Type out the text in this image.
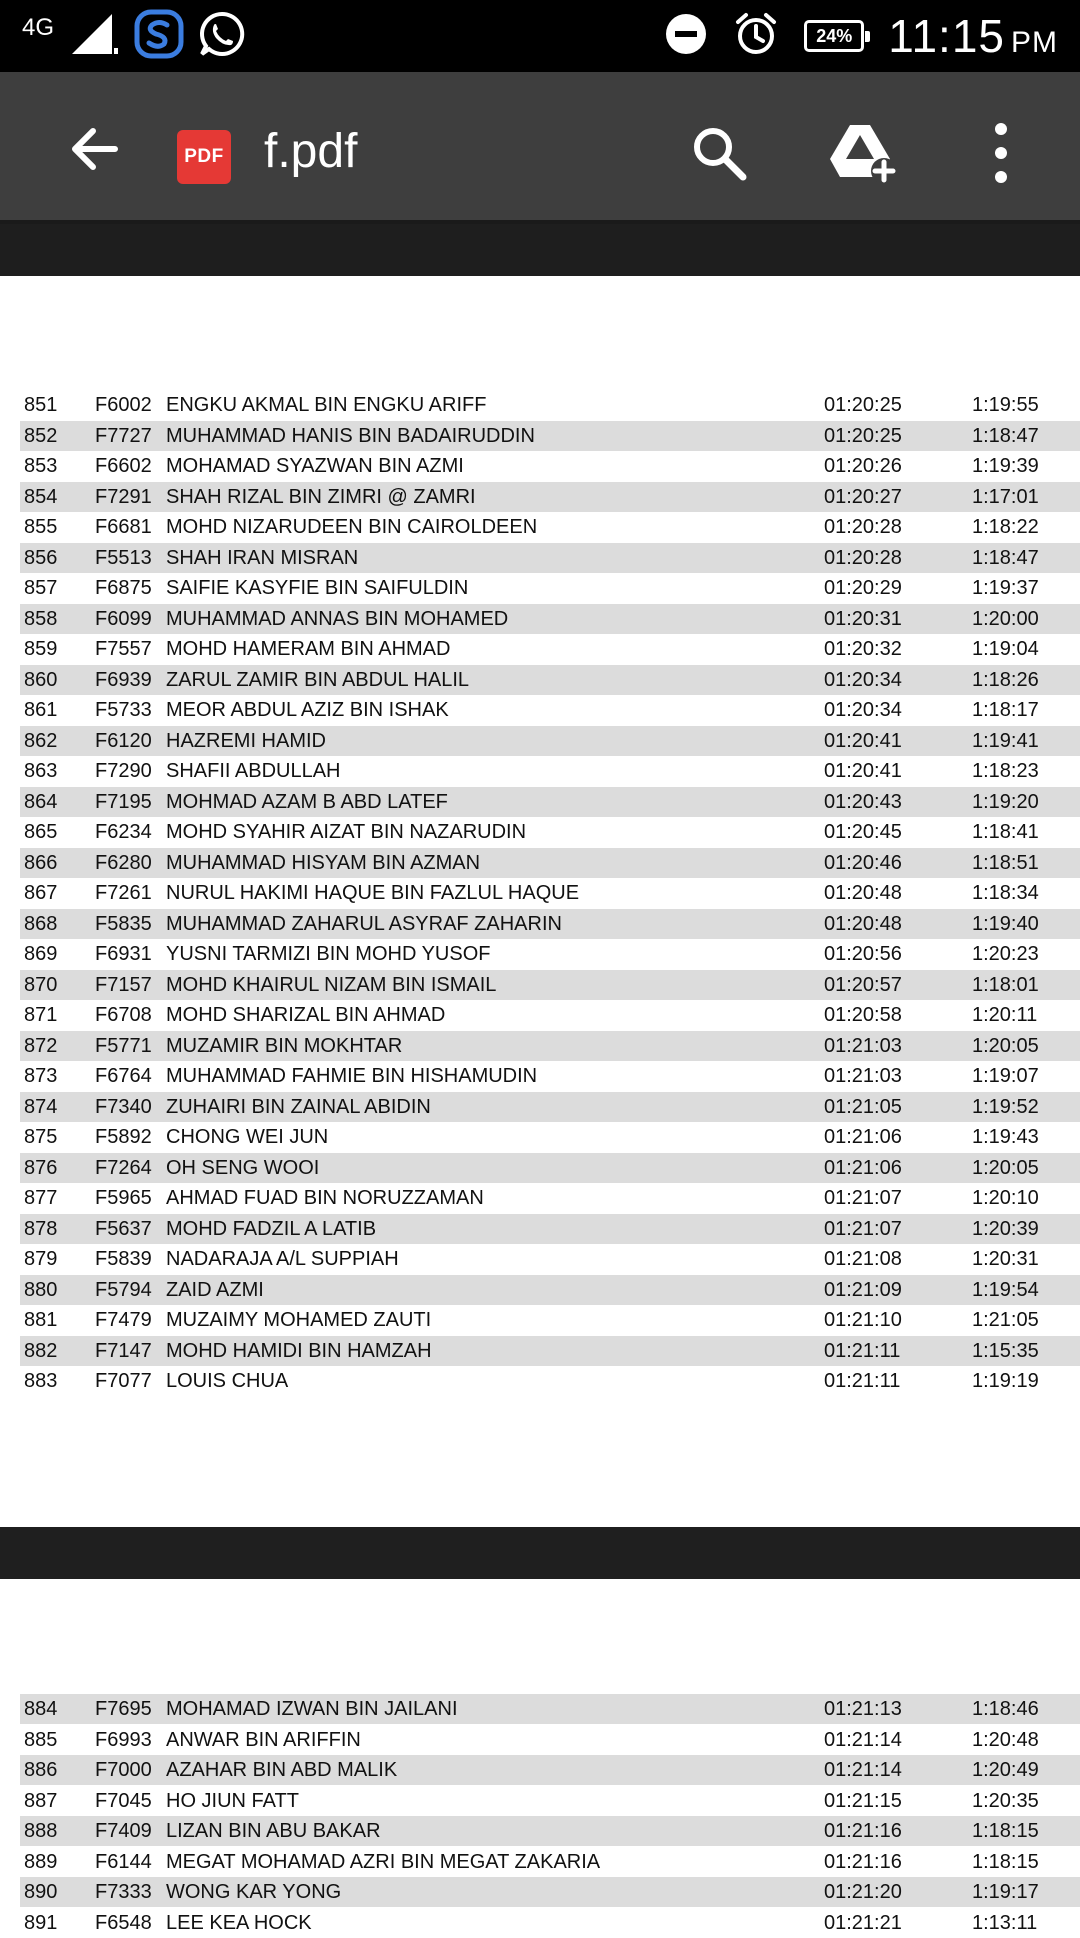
4G	24% 11:15 PM
PDF f.pdf
851 F6002 ENGKU AKMAL BIN ENGKU ARIFF	01:20:25	1:19:55
852 F7727 MUHAMMAD HANIS BIN BADAIRUDDIN	01:20:25	1:18:47
853 F6602 MOHAMAD SYAZWAN BIN AZMI	01:20:26	1:19:39
854 F7291 SHAH RIZAL BIN ZIMRI @ ZAMRI	01:20:27	1:17:01
855 F6681 MOHD NIZARUDEEN BIN CAIROLDEEN	01:20:28	1:18:22
856 F5513 SHAH IRAN MISRAN	01:20:28	1:18:47
857 F6875 SAIFIE KASYFIE BIN SAIFULDIN	01:20:29	1:19:37
858 F6099 MUHAMMAD ANNAS BIN MOHAMED	01:20:31	1:20:00
859 F7557 MOHD HAMERAM BIN AHMAD	01:20:32	1:19:04
860 F6939 ZARUL ZAMIR BIN ABDUL HALIL	01:20:34	1:18:26
861 F5733 MEOR ABDUL AZIZ BIN ISHAK	01:20:34	1:18:17
862 F6120 HAZREMI HAMID	01:20:41	1:19:41
863 F7290 SHAFII ABDULLAH	01:20:41	1:18:23
864 F7195 MOHMAD AZAM B ABD LATEF	01:20:43	1:19:20
865 F6234 MOHD SYAHIR AIZAT BIN NAZARUDIN	01:20:45	1:18:41
866 F6280 MUHAMMAD HISYAM BIN AZMAN	01:20:46	1:18:51
867 F7261 NURUL HAKIMI HAQUE BIN FAZLUL HAQUE	01:20:48	1:18:34
868 F5835 MUHAMMAD ZAHARUL ASYRAF ZAHARIN	01:20:48	1:19:40
869 F6931 YUSNI TARMIZI BIN MOHD YUSOF	01:20:56	1:20:23
870 F7157 MOHD KHAIRUL NIZAM BIN ISMAIL	01:20:57	1:18:01
871 F6708 MOHD SHARIZAL BIN AHMAD	01:20:58	1:20:11
872 F5771 MUZAMIR BIN MOKHTAR	01:21:03	1:20:05
873 F6764 MUHAMMAD FAHMIE BIN HISHAMUDIN	01:21:03	1:19:07
874 F7340 ZUHAIRI BIN ZAINAL ABIDIN	01:21:05	1:19:52
875 F5892 CHONG WEI JUN	01:21:06	1:19:43
876 F7264 OH SENG WOOI	01:21:06	1:20:05
877 F5965 AHMAD FUAD BIN NORUZZAMAN	01:21:07	1:20:10
878 F5637 MOHD FADZIL A LATIB	01:21:07	1:20:39
879 F5839 NADARAJA A/L SUPPIAH	01:21:08	1:20:31
880 F5794 ZAID AZMI	01:21:09	1:19:54
881 F7479 MUZAIMY MOHAMED ZAUTI	01:21:10	1:21:05
882 F7147 MOHD HAMIDI BIN HAMZAH	01:21:11	1:15:35
883 F7077 LOUIS CHUA	01:21:11	1:19:19
884 F7695 MOHAMAD IZWAN BIN JAILANI	01:21:13	1:18:46
885 F6993 ANWAR BIN ARIFFIN	01:21:14	1:20:48
886 F7000 AZAHAR BIN ABD MALIK	01:21:14	1:20:49
887 F7045 HO JIUN FATT	01:21:15	1:20:35
888 F7409 LIZAN BIN ABU BAKAR	01:21:16	1:18:15
889 F6144 MEGAT MOHAMAD AZRI BIN MEGAT ZAKARIA	01:21:16	1:18:15
890 F7333 WONG KAR YONG	01:21:20	1:19:17
891 F6548 LEE KEA HOCK	01:21:21	1:13:11
